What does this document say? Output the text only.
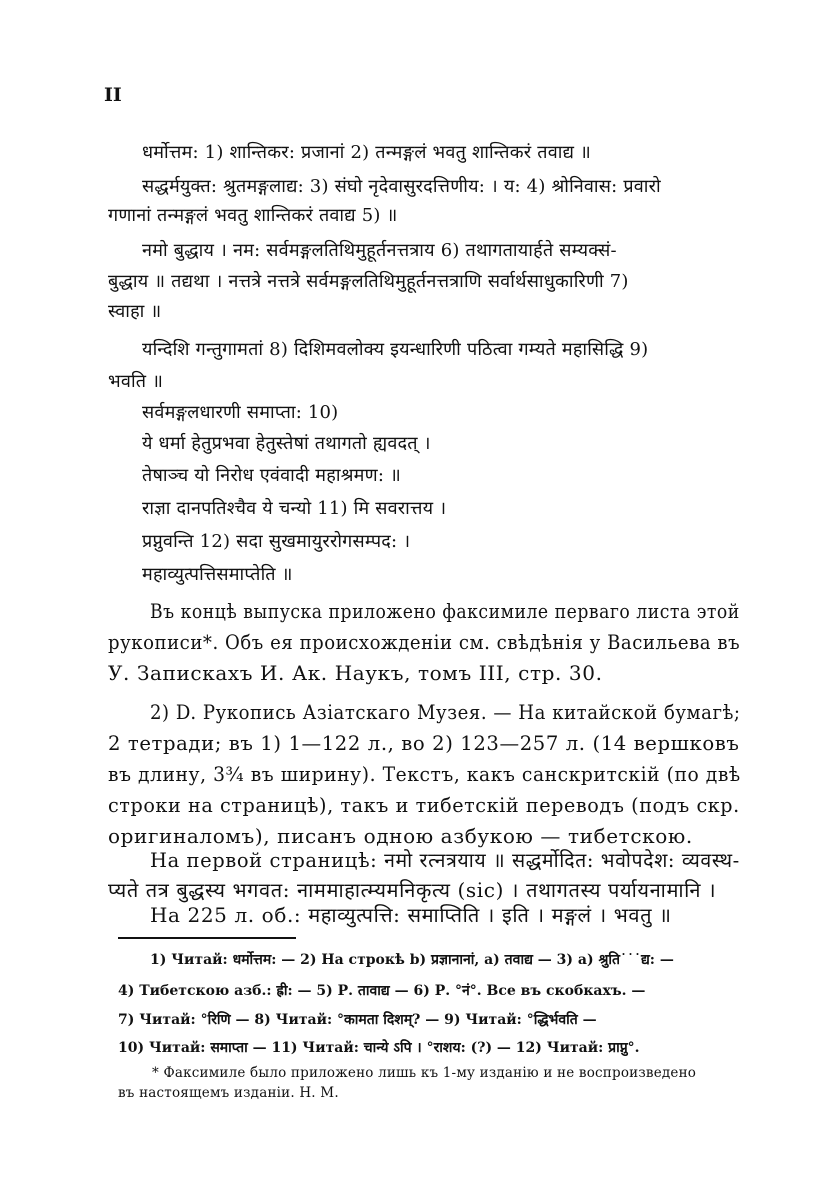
II
धर्मोत्तम: 1) शान्तिकर: प्रजानां 2) तन्मङ्गलं भवतु शान्तिकरं तवाद्य ॥
सद्धर्मयुक्त: श्रुतमङ्गलाद्य: 3) संघो नृदेवासुरदत्तिणीय: । य: 4) श्रोनिवास: प्रवारो
गणानां तन्मङ्गलं भवतु शान्तिकरं तवाद्य 5) ॥
नमो बुद्धाय । नम: सर्वमङ्गलतिथिमुहूर्तनत्तत्राय 6) तथागतायार्हते सम्यक्सं-
बुद्धाय ॥ तद्यथा । नत्तत्रे नत्तत्रे सर्वमङ्गलतिथिमुहूर्तनत्तत्राणि सर्वार्थसाधुकारिणी 7)
स्वाहा ॥
यन्दिशि गन्तुगामतां 8) दिशिमवलोक्य इयन्धारिणी पठित्वा गम्यते महासिद्धि 9)
भवति ॥
सर्वमङ्गलधारणी समाप्ता: 10)
ये धर्मा हेतुप्रभवा हेतुस्तेषां तथागतो ह्यवदत् ।
तेषाञ्च यो निरोध एवंवादी महाश्रमण: ॥
राज्ञा दानपतिश्चैव ये चन्यो 11) मि सवरात्तय ।
प्रप्नुवन्ति 12) सदा सुखमायुररोगसम्पद: ।
महाव्युत्पत्तिसमाप्तेति ॥
Въ концѣ выпуска приложено факсимиле перваго листа этой
рукописи*. Объ ея происхожденіи см. свѣдѣнія у Васильева въ
У. Запискахъ И. Ак. Наукъ, томъ III, стр. 30.
2) D. Рукопись Азіатскаго Музея. — На китайской бумагѣ;
2 тетради; въ 1) 1—122 л., во 2) 123—257 л. (14 вершковъ
въ длину, 3¾ въ ширину). Текстъ, какъ санскритскій (по двѣ
строки на страницѣ), такъ и тибетскій переводъ (подъ скр.
оригиналомъ), писанъ одною азбукою — тибетскою.
На первой страницѣ: नमो रत्नत्रयाय ॥ सद्धर्मोदित: भवोपदेश: व्यवस्थ-
प्यते तत्र बुद्धस्य भगवत: नाममाहात्म्यमनिकृत्य (sic) । तथागतस्य पर्यायनामानि ।
На 225 л. об.: महाव्युत्पत्ति: समाप्तिति । इति । मङ्गलं । भवतु ॥
1) Читай: धर्मोत्तम: — 2) На строкѣ b) प्रज्ञानानां, a) तवाद्य — 3) a) श्रुति˙˙˙द्य: —
4) Тибетскою азб.: ह्री: — 5) Р. तावाद्य — 6) Р. °नं°. Все въ скобкахъ. —
7) Читай: °रिणि — 8) Читай: °कामता दिशम्? — 9) Читай: °द्धिर्भवति —
10) Читай: समाप्ता — 11) Читай: चान्ये ऽपि । °राशय: (?) — 12) Читай: प्राप्नु°.
* Факсимиле было приложено лишь къ 1-му изданію и не воспроизведено
въ настоящемъ изданіи. Н. М.
